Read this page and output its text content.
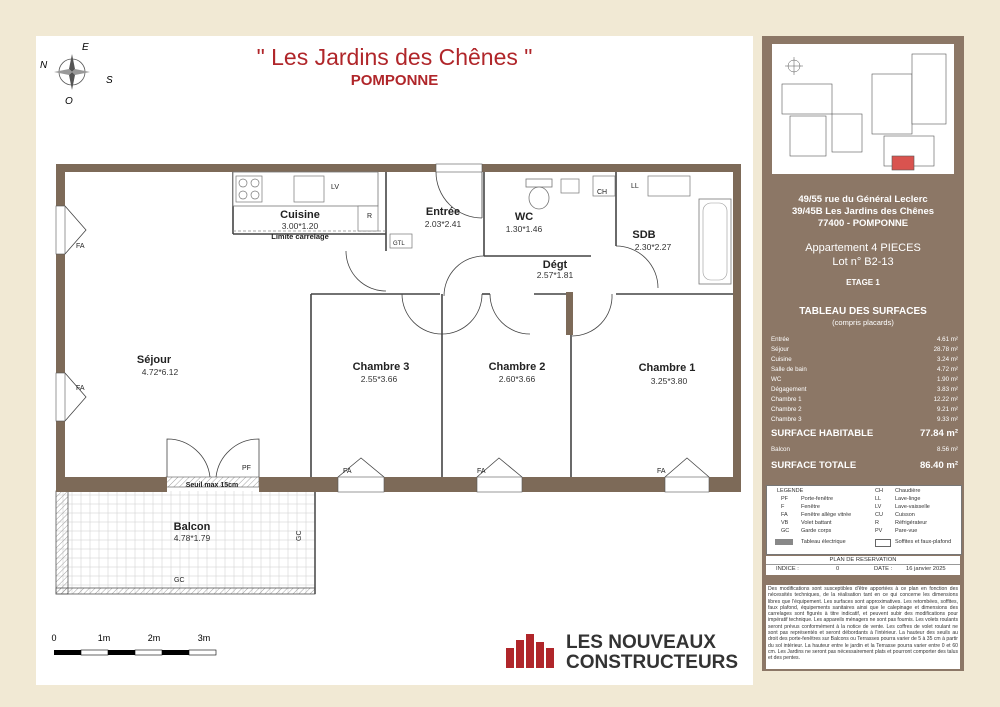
" Les Jardins des Chênes "
POMPONNE
E
N
S
O
Séjour
Cuisine	Entrée	WC
SDB
Dégt
Chambre 3	Chambre 2	Chambre 1
Balcon
4.72*6.12
3.00*1.20	2.03*2.41	1.30*1.46
2.30*2.27
2.57*1.81
2.55*3.66	2.60*3.66	3.25*3.80
4.78*1.79
Limite carrelage
FA
FA
FA	FA	FA
PF
LV
R
LL
CH
GTL
GC
GC
Seuil max 15cm
0	1m	2m	3m	LES NOUVEAUX
CONSTRUCTEURS
49/55 rue du Général Leclerc
39/45B Les Jardins des Chênes
77400 - POMPONNE
Appartement 4 PIECES
Lot n° B2-13
ETAGE 1
TABLEAU DES SURFACES
(compris placards)
Entrée	4.61 m²
Séjour	28.78 m²
Cuisine	3.24 m²
Salle de bain	4.72 m²
WC	1.90 m²
Dégagement	3.83 m²
Chambre 1	12.22 m²
Chambre 2	9.21 m²
Chambre 3	9.33 m²
SURFACE HABITABLE	77.84 m²
Balcon	8.56 m²
SURFACE TOTALE	86.40 m²
LEGENDE
PF Porte-fenêtre
F	Fenêtre
FA Fenêtre allège vitrée
VB Volet battant
GC Garde corps
CH Chaudière
LL	Lave-linge
LV Lave-vaisselle
CU Cuisson
R	Réfrigérateur
PV Pare-vue
Tableau électrique	Soffites et faux-plafond
PLAN DE RESERVATION
INDICE :	0	DATE : 16 janvier 2025
Des modifications sont susceptibles d'être apportées à ce plan en fonction des nécessités techniques, de la réalisation tant en ce qui concerne les dimensions libres que l'équipement. Les surfaces sont approximatives. Les retombées, soffites, faux plafond, équipements sanitaires ainsi que le calepinage et dimensions des carrelages sont figurés à titre indicatif, et peuvent subir des modifications pour impératif technique. Les appareils ménagers ne sont pas fournis. Les volets roulants seront prévus conformément à la notice de vente. Les coffres de volet roulant ne sont pas représentés et seront débordants à l'intérieur. La hauteur des seuils au droit des porte-fenêtres sur Balcons ou Terrasses pourra varier de 5 à 35 cm à partir du sol intérieur. La hauteur entre le jardin et la Terrasse pourra varier entre 0 et 60 cm. Les Jardins ne seront pas nécessairement plats et pourront comporter des talus et des pentes.
